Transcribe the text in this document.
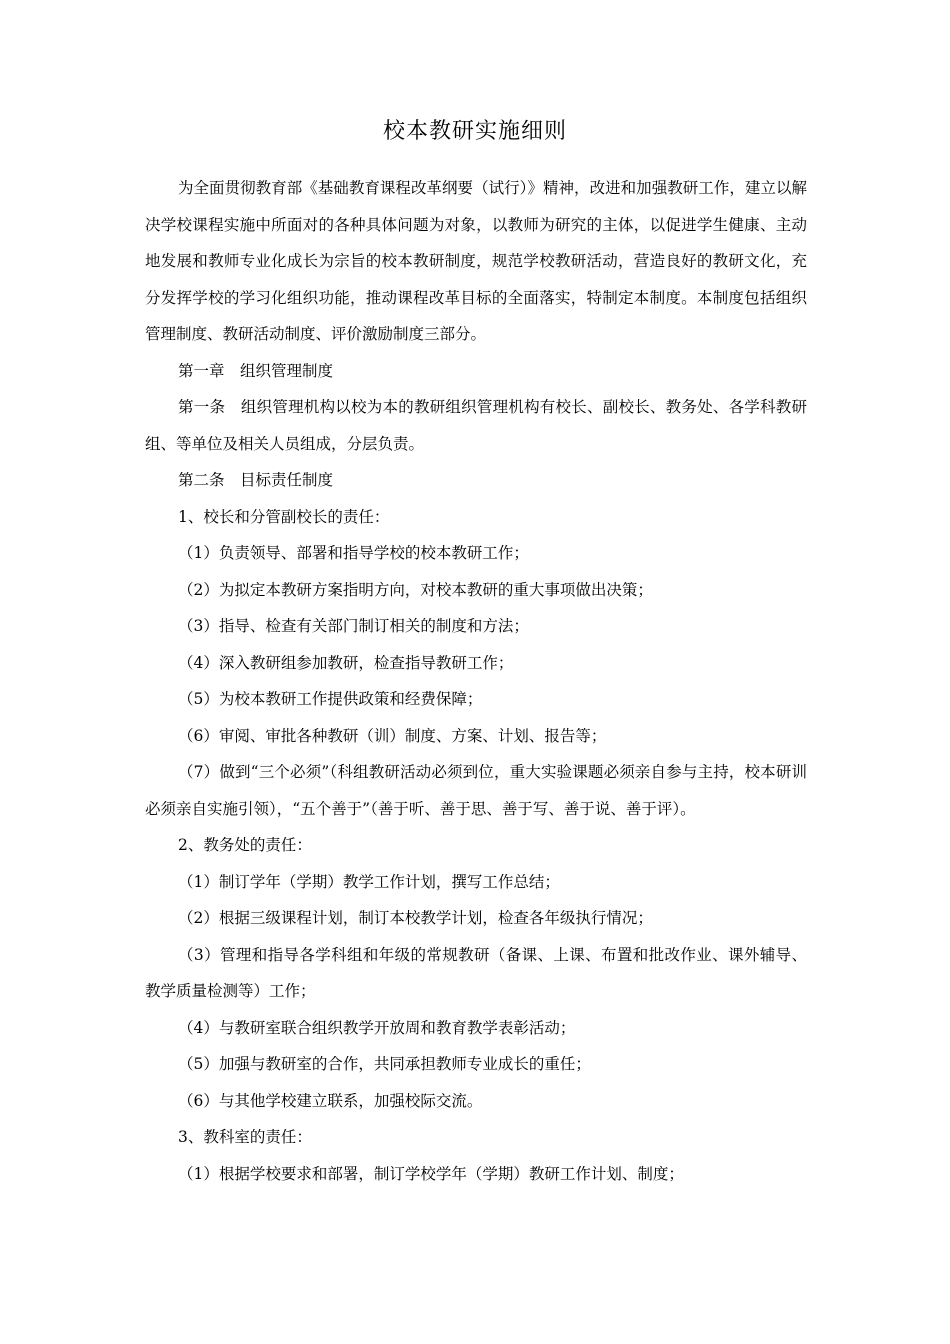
校本教研实施细则

为全面贯彻教育部《基础教育课程改革纲要（试行）》精神，改进和加强教研工作，建立以解决学校课程实施中所面对的各种具体问题为对象，以教师为研究的主体，以促进学生健康、主动地发展和教师专业化成长为宗旨的校本教研制度，规范学校教研活动，营造良好的教研文化，充分发挥学校的学习化组织功能，推动课程改革目标的全面落实，特制定本制度。本制度包括组织管理制度、教研活动制度、评价激励制度三部分。

第一章　组织管理制度

第一条　组织管理机构以校为本的教研组织管理机构有校长、副校长、教务处、各学科教研组、等单位及相关人员组成，分层负责。

第二条　目标责任制度

1、校长和分管副校长的责任：

（1）负责领导、部署和指导学校的校本教研工作；

（2）为拟定本教研方案指明方向，对校本教研的重大事项做出决策；

（3）指导、检查有关部门制订相关的制度和方法；

（4）深入教研组参加教研，检查指导教研工作；

（5）为校本教研工作提供政策和经费保障；

（6）审阅、审批各种教研（训）制度、方案、计划、报告等；

（7）做到“三个必须”（科组教研活动必须到位，重大实验课题必须亲自参与主持，校本研训必须亲自实施引领），“五个善于”（善于听、善于思、善于写、善于说、善于评）。

2、教务处的责任：

（1）制订学年（学期）教学工作计划，撰写工作总结；

（2）根据三级课程计划，制订本校教学计划，检查各年级执行情况；

（3）管理和指导各学科组和年级的常规教研（备课、上课、布置和批改作业、课外辅导、教学质量检测等）工作；

（4）与教研室联合组织教学开放周和教育教学表彰活动；

（5）加强与教研室的合作，共同承担教师专业成长的重任；

（6）与其他学校建立联系，加强校际交流。

3、教科室的责任：

（1）根据学校要求和部署，制订学校学年（学期）教研工作计划、制度；
